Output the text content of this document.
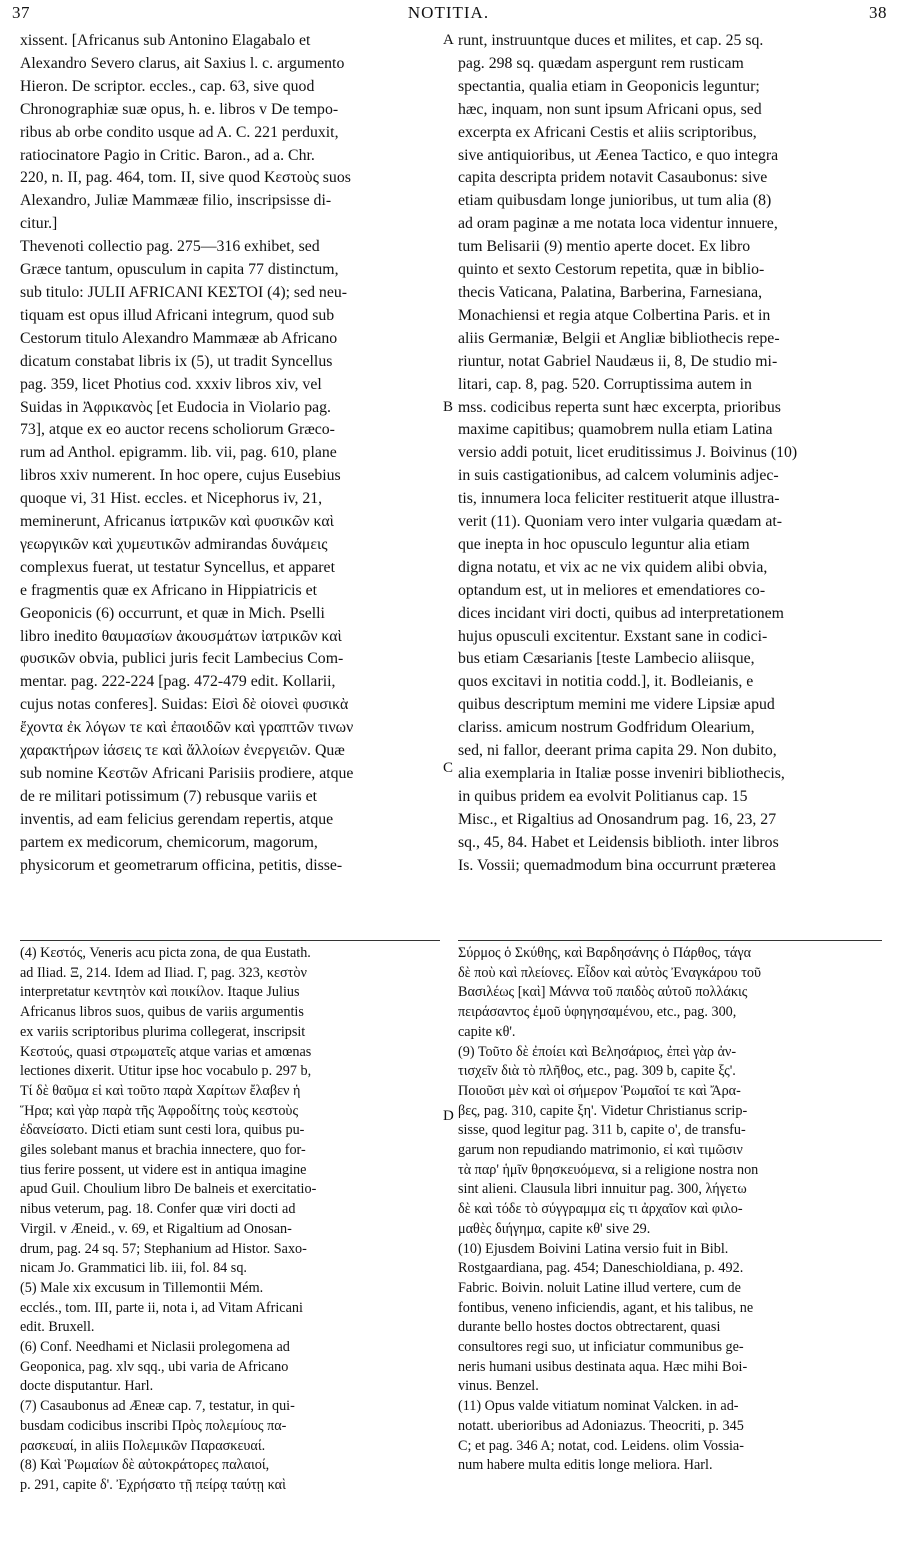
37	NOTITIA.	38
xissent. [Africanus sub Antonino Elagabalo et
Alexandro Severo clarus, ait Saxius l. c. argumento
Hieron. De scriptor. eccles., cap. 63, sive quod
Chronographiæ suæ opus, h. e. libros v De tempo-
ribus ab orbe condito usque ad A. C. 221 perduxit,
ratiocinatore Pagio in Critic. Baron., ad a. Chr.
220, n. II, pag. 464, tom. II, sive quod Κεστοὺς suos
Alexandro, Juliæ Mammææ filio, inscripsisse di-
citur.]
Thevenoti collectio pag. 275—316 exhibet, sed
Græce tantum, opusculum in capita 77 distinctum,
sub titulo: JULII AFRICANI ΚΕΣΤΟΙ (4); sed neu-
tiquam est opus illud Africani integrum, quod sub
Cestorum titulo Alexandro Mammææ ab Africano
dicatum constabat libris ix (5), ut tradit Syncellus
pag. 359, licet Photius cod. xxxiv libros xiv, vel
Suidas in Ἀφρικανὸς [et Eudocia in Violario pag.
73], atque ex eo auctor recens scholiorum Græco-
rum ad Anthol. epigramm. lib. vii, pag. 610, plane
libros xxiv numerent. In hoc opere, cujus Eusebius
quoque vi, 31 Hist. eccles. et Nicephorus iv, 21,
meminerunt, Africanus ἰατρικῶν καὶ φυσικῶν καὶ
γεωργικῶν καὶ χυμευτικῶν admirandas δυνάμεις
complexus fuerat, ut testatur Syncellus, et apparet
e fragmentis quæ ex Africano in Hippiatricis et
Geoponicis (6) occurrunt, et quæ in Mich. Pselli
libro inedito θαυμασίων ἀκουσμάτων ἰατρικῶν καὶ
φυσικῶν obvia, publici juris fecit Lambecius Com-
mentar. pag. 222-224 [pag. 472-479 edit. Kollarii,
cujus notas conferes]. Suidas: Εἰσὶ δὲ οἱονεὶ φυσικὰ
ἔχοντα ἐκ λόγων τε καὶ ἐπαοιδῶν καὶ γραπτῶν τινων
χαρακτήρων ἰάσεις τε καὶ ἄλλοίων ἐνεργειῶν. Quæ
sub nomine Κεστῶν Africani Parisiis prodiere, atque
de re militari potissimum (7) rebusque variis et
inventis, ad eam felicius gerendam repertis, atque
partem ex medicorum, chemicorum, magorum,
physicorum et geometrarum officina, petitis, disse-
runt, instruuntque duces et milites, et cap. 25 sq.
pag. 298 sq. quædam aspergunt rem rusticam
spectantia, qualia etiam in Geoponicis leguntur;
hæc, inquam, non sunt ipsum Africani opus, sed
excerpta ex Africani Cestis et aliis scriptoribus,
sive antiquioribus, ut Æenea Tactico, e quo integra
capita descripta pridem notavit Casaubonus: sive
etiam quibusdam longe junioribus, ut tum alia (8)
ad oram paginæ a me notata loca videntur innuere,
tum Belisarii (9) mentio aperte docet. Ex libro
quinto et sexto Cestorum repetita, quæ in biblio-
thecis Vaticana, Palatina, Barberina, Farnesiana,
Monachiensi et regia atque Colbertina Paris. et in
aliis Germaniæ, Belgii et Angliæ bibliothecis repe-
riuntur, notat Gabriel Naudæus ii, 8, De studio mi-
litari, cap. 8, pag. 520. Corruptissima autem in
mss. codicibus reperta sunt hæc excerpta, prioribus
maxime capitibus; quamobrem nulla etiam Latina
versio addi potuit, licet eruditissimus J. Boivinus (10)
in suis castigationibus, ad calcem voluminis adjec-
tis, innumera loca feliciter restituerit atque illustra-
verit (11). Quoniam vero inter vulgaria quædam at-
que inepta in hoc opusculo leguntur alia etiam
digna notatu, et vix ac ne vix quidem alibi obvia,
optandum est, ut in meliores et emendatiores co-
dices incidant viri docti, quibus ad interpretationem
hujus opusculi excitentur. Exstant sane in codici-
bus etiam Cæsarianis [teste Lambecio aliisque,
quos excitavi in notitia codd.], it. Bodleianis, e
quibus descriptum memini me videre Lipsiæ apud
clariss. amicum nostrum Godfridum Olearium,
sed, ni fallor, deerant prima capita 29. Non dubito,
alia exemplaria in Italiæ posse inveniri bibliothecis,
in quibus pridem ea evolvit Politianus cap. 15
Misc., et Rigaltius ad Onosandrum pag. 16, 23, 27
sq., 45, 84. Habet et Leidensis biblioth. inter libros
Is. Vossii; quemadmodum bina occurrunt præterea
A
B
C
D
(4) Κεστός, Veneris acu picta zona, de qua Eustath.
ad Iliad. Ξ, 214. Idem ad Iliad. Γ, pag. 323, κεστὸν
interpretatur κεντητὸν καὶ ποικίλον. Itaque Julius
Africanus libros suos, quibus de variis argumentis
ex variis scriptoribus plurima collegerat, inscripsit
Κεστούς, quasi στρωματεῖς atque varias et amœnas
lectiones dixerit. Utitur ipse hoc vocabulo p. 297 b,
Τί δὲ θαῦμα εἰ καὶ τοῦτο παρὰ Χαρίτων ἔλαβεν ἡ
Ἥρα; καὶ γὰρ παρὰ τῆς Ἀφροδίτης τοὺς κεστοὺς
ἐδανείσατο. Dicti etiam sunt cesti lora, quibus pu-
giles solebant manus et brachia innectere, quo for-
tius ferire possent, ut videre est in antiqua imagine
apud Guil. Choulium libro De balneis et exercitatio-
nibus veterum, pag. 18. Confer quæ viri docti ad
Virgil. v Æneid., v. 69, et Rigaltium ad Onosan-
drum, pag. 24 sq. 57; Stephanium ad Histor. Saxo-
nicam Jo. Grammatici lib. iii, fol. 84 sq.
(5) Male xix excusum in Tillemontii Mém.
ecclés., tom. III, parte ii, nota i, ad Vitam Africani
edit. Bruxell.
(6) Conf. Needhami et Niclasii prolegomena ad
Geoponica, pag. xlv sqq., ubi varia de Africano
docte disputantur. Harl.
(7) Casaubonus ad Æneæ cap. 7, testatur, in qui-
busdam codicibus inscribi Πρὸς πολεμίους πα-
ρασκευαί, in aliis Πολεμικῶν Παρασκευαί.
(8) Καὶ Ῥωμαίων δὲ αὐτοκράτορες παλαιοί,
p. 291, capite δ'. Ἐχρήσατο τῇ πείρᾳ ταύτῃ καὶ
Σύρμος ὁ Σκύθης, καὶ Βαρδησάνης ὁ Πάρθος, τάγα
δὲ ποὺ καὶ πλείονες. Εἶδον καὶ αὐτὸς Ἐναγκάρου τοῦ
Βασιλέως [καὶ] Μάννα τοῦ παιδὸς αὐτοῦ πολλάκις
πειράσαντος ἐμοῦ ὑφηγησαμένου, etc., pag. 300,
capite κθ'.
(9) Τοῦτο δὲ ἐποίει καὶ Βελησάριος, ἐπεὶ γὰρ ἀν-
τισχεῖν διὰ τὸ πλῆθος, etc., pag. 309 b, capite ξς'.
Ποιοῦσι μὲν καὶ οἱ σήμερον Ῥωμαῖοί τε καὶ Ἄρα-
βες, pag. 310, capite ξη'. Videtur Christianus scrip-
sisse, quod legitur pag. 311 b, capite ο', de transfu-
garum non repudiando matrimonio, εἰ καὶ τιμῶσιν
τὰ παρ' ἡμῖν θρησκευόμενα, si a religione nostra non
sint alieni. Clausula libri innuitur pag. 300, λήγετω
δὲ καὶ τόδε τὸ σύγγραμμα εἰς τι ἀρχαῖον καὶ φιλο-
μαθὲς διήγημα, capite κθ' sive 29.
(10) Ejusdem Boivini Latina versio fuit in Bibl.
Rostgaardiana, pag. 454; Daneschioldiana, p. 492.
Fabric. Boivin. noluit Latine illud vertere, cum de
fontibus, veneno inficiendis, agant, et his talibus, ne
durante bello hostes doctos obtrectarent, quasi
consultores regi suo, ut inficiatur communibus ge-
neris humani usibus destinata aqua. Hæc mihi Boi-
vinus. Benzel.
(11) Opus valde vitiatum nominat Valcken. in ad-
notatt. uberioribus ad Adoniazus. Theocriti, p. 345
C; et pag. 346 A; notat, cod. Leidens. olim Vossia-
num habere multa editis longe meliora. Harl.
